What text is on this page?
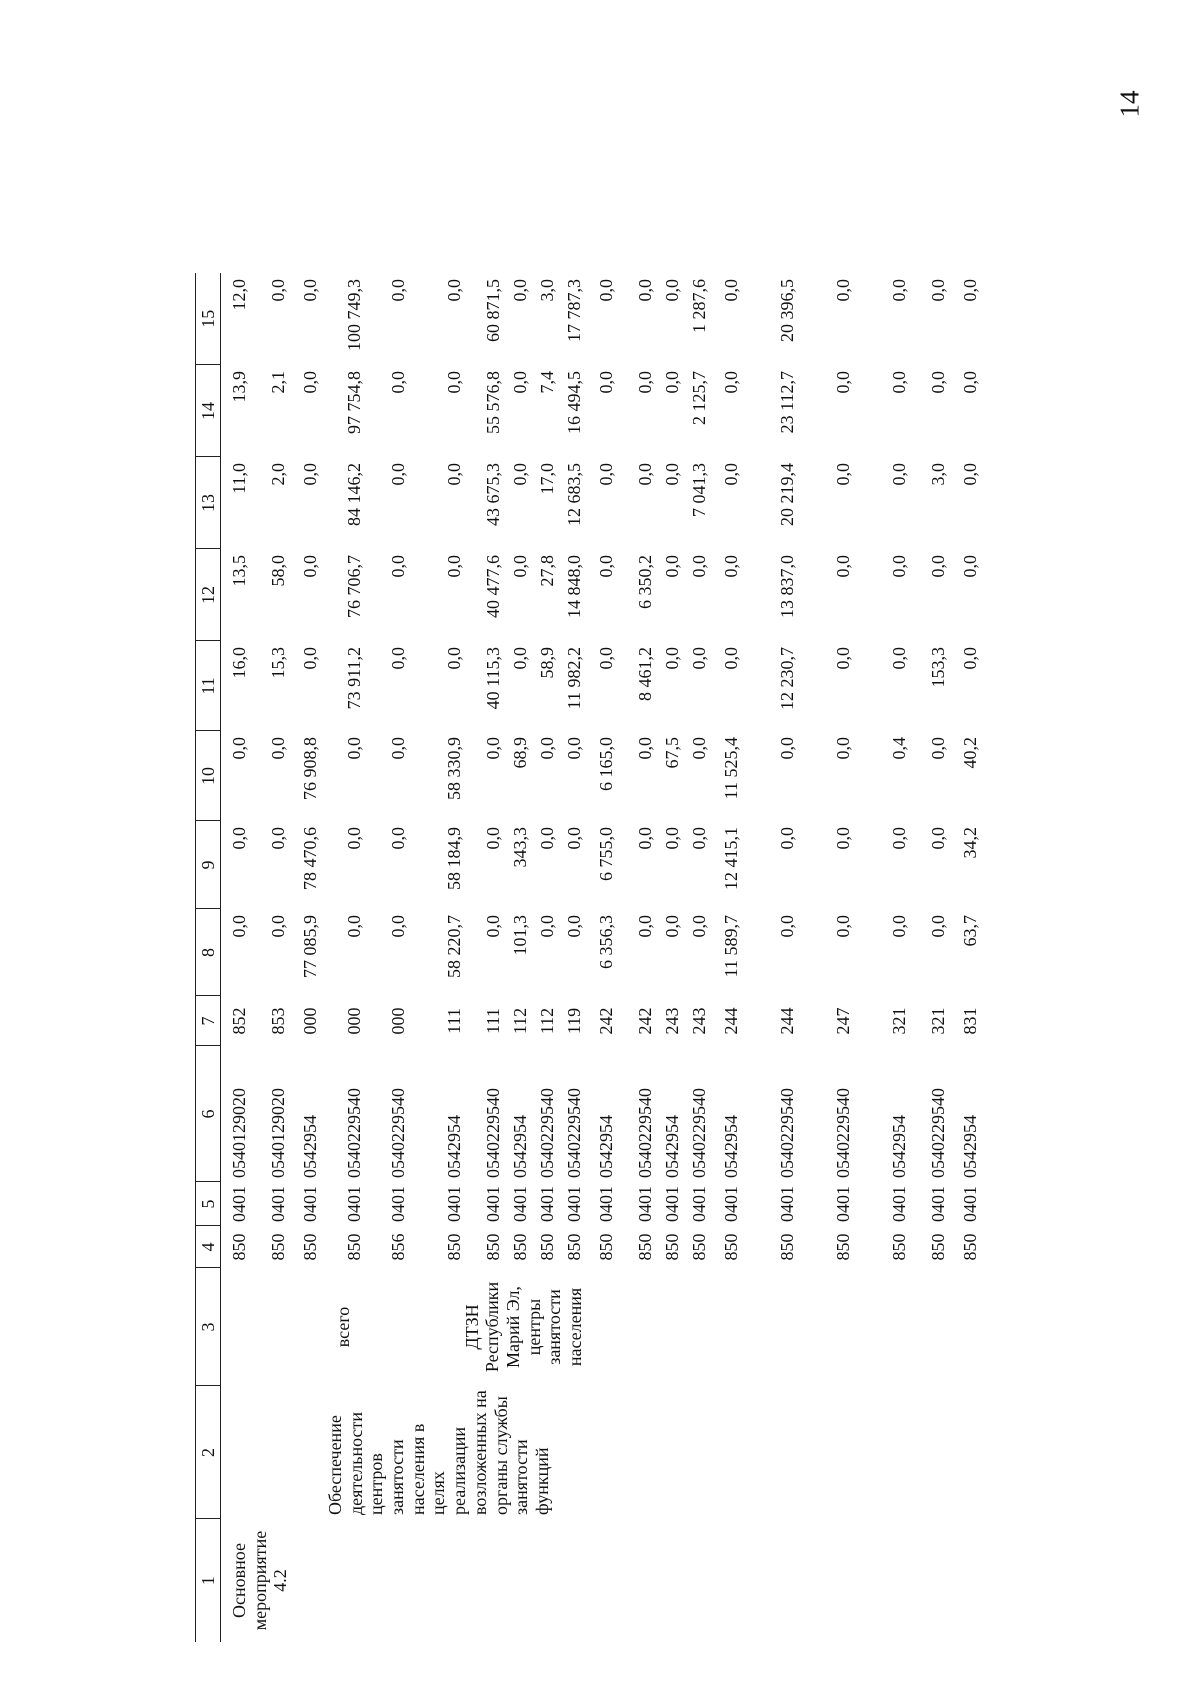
14
1	2	3	4	5	6	7	8	9	10	11	12	13	14	15
Основное мероприятие 4.2	Обеспечение деятельности центров занятости населения в целях реализации возложенных на органы службы занятости функций	всего ДТЗН Республики Марий Эл, центры занятости населения	850	0401	0540129020	852	0,0	0,0	0,0	16,0	13,5	11,0	13,9	12,0
			850	0401	0540129020	853	0,0	0,0	0,0	15,3	58,0	2,0	2,1	0,0
			850	0401	0542954	000	77 085,9	78 470,6	76 908,8	0,0	0,0	0,0	0,0	0,0
			850	0401	0540229540	000	0,0	0,0	0,0	73 911,2	76 706,7	84 146,2	97 754,8	100 749,3
			856	0401	0540229540	000	0,0	0,0	0,0	0,0	0,0	0,0	0,0	0,0
			850	0401	0542954	111	58 220,7	58 184,9	58 330,9	0,0	0,0	0,0	0,0	0,0
			850	0401	0540229540	111	0,0	0,0	0,0	40 115,3	40 477,6	43 675,3	55 576,8	60 871,5
			850	0401	0542954	112	101,3	343,3	68,9	0,0	0,0	0,0	0,0	0,0
			850	0401	0540229540	112	0,0	0,0	0,0	58,9	27,8	17,0	7,4	3,0
			850	0401	0540229540	119	0,0	0,0	0,0	11 982,2	14 848,0	12 683,5	16 494,5	17 787,3
			850	0401	0542954	242	6 356,3	6 755,0	6 165,0	0,0	0,0	0,0	0,0	0,0
			850	0401	0540229540	242	0,0	0,0	0,0	8 461,2	6 350,2	0,0	0,0	0,0
			850	0401	0542954	243	0,0	0,0	67,5	0,0	0,0	0,0	0,0	0,0
			850	0401	0540229540	243	0,0	0,0	0,0	0,0	0,0	7 041,3	2 125,7	1 287,6
			850	0401	0542954	244	11 589,7	12 415,1	11 525,4	0,0	0,0	0,0	0,0	0,0
			850	0401	0540229540	244	0,0	0,0	0,0	12 230,7	13 837,0	20 219,4	23 112,7	20 396,5
			850	0401	0540229540	247	0,0	0,0	0,0	0,0	0,0	0,0	0,0	0,0
			850	0401	0542954	321	0,0	0,0	0,4	0,0	0,0	0,0	0,0	0,0
			850	0401	0540229540	321	0,0	0,0	0,0	153,3	0,0	3,0	0,0	0,0
			850	0401	0542954	831	63,7	34,2	40,2	0,0	0,0	0,0	0,0	0,0
